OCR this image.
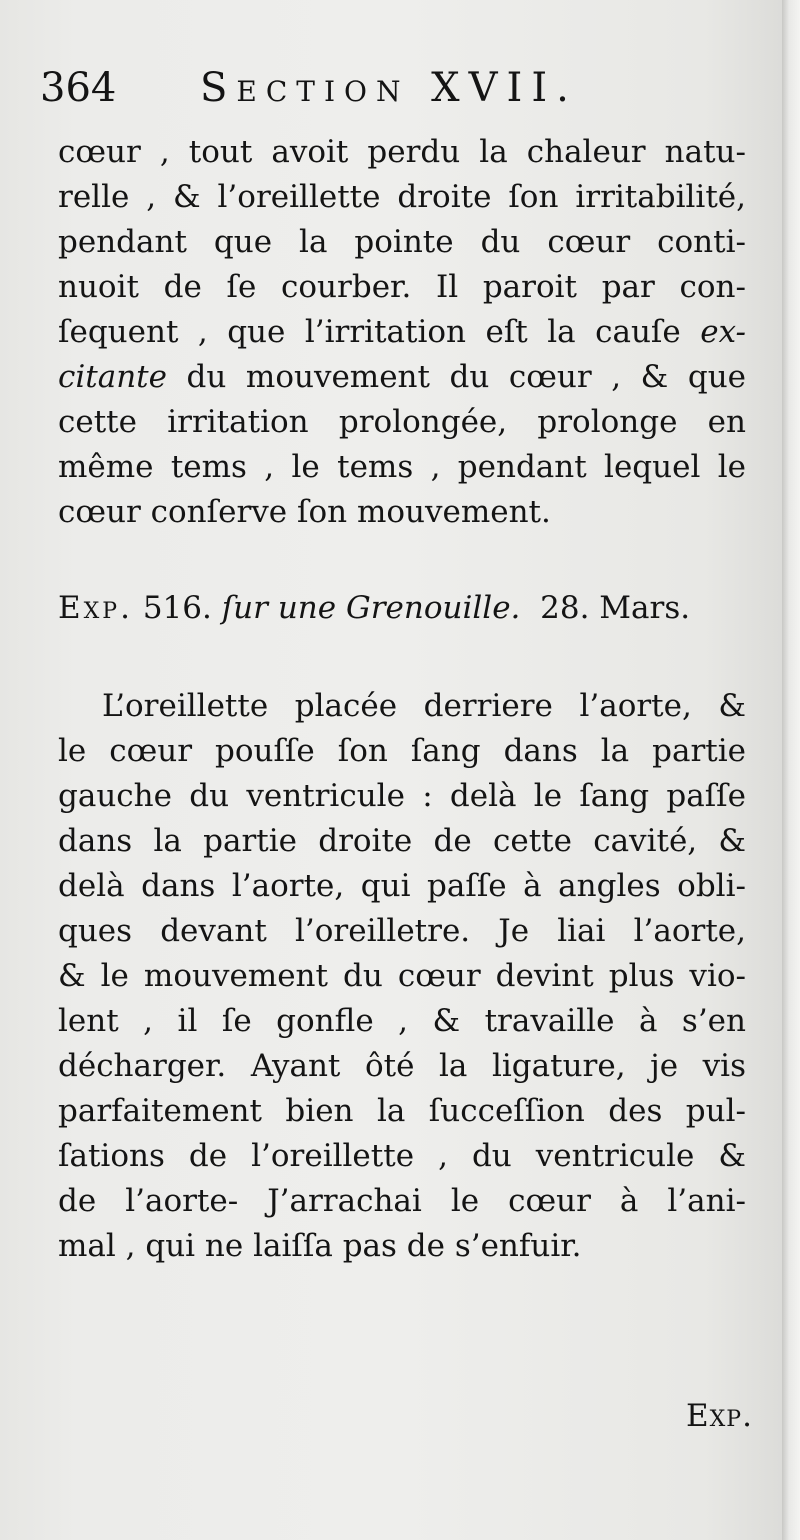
364 Section XVII.

cœur , tout avoit perdu la chaleur natu-
relle , & l’oreillette droite ſon irritabilité,
pendant que la pointe du cœur conti-
nuoit de ſe courber. Il paroit par con-
ſequent , que l’irritation eſt la cauſe ex-
citante du mouvement du cœur , & que
cette irritation prolongée, prolonge en
même tems , le tems , pendant lequel le
cœur conſerve ſon mouvement.

Exp. 516. ſur une Grenouille. 28. Mars.

L’oreillette placée derriere l’aorte, &
le cœur pouſſe ſon ſang dans la partie
gauche du ventricule : delà le ſang paſſe
dans la partie droite de cette cavité, &
delà dans l’aorte, qui paſſe à angles obli-
ques devant l’oreilletre. Je liai l’aorte,
& le mouvement du cœur devint plus vio-
lent , il ſe gonfle , & travaille à s’en
décharger. Ayant ôté la ligature, je vis
parfaitement bien la ſucceſſion des pul-
ſations de l’oreillette , du ventricule &
de l’aorte- J’arrachai le cœur à l’ani-
mal , qui ne laiſſa pas de s’enfuir.

Exp.
